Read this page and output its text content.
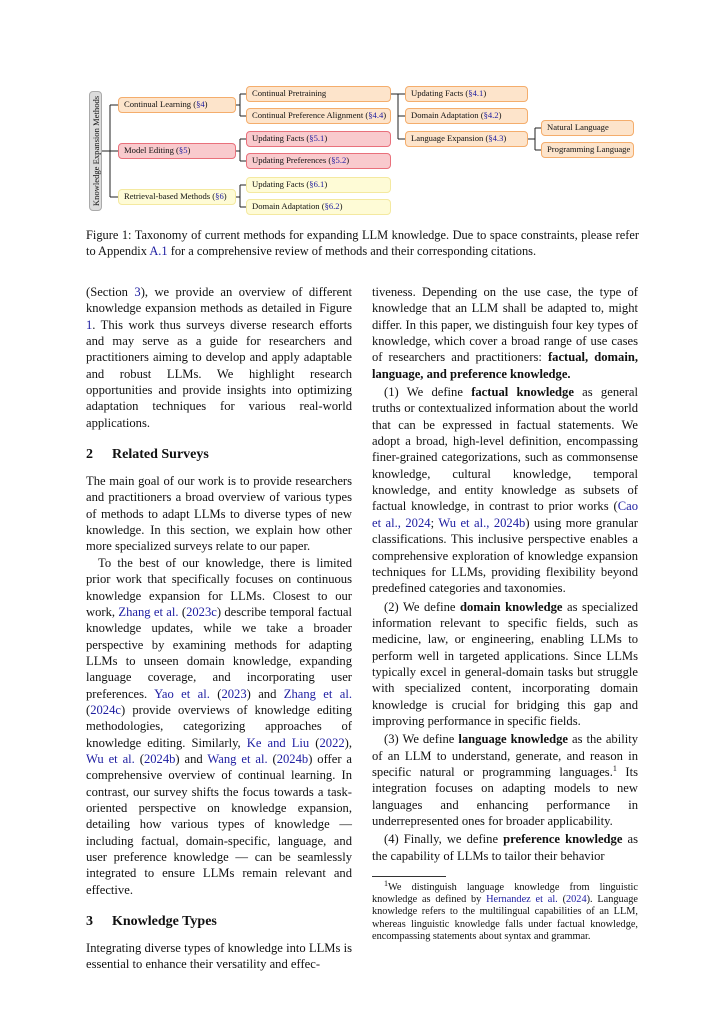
Knowledge Expansion Methods	Continual Learning (§4)
Model Editing (§5)
Retrieval-based Methods (§6)
Continual Pretraining
Continual Preference Alignment (§4.4)
Updating Facts (§5.1)
Updating Preferences (§5.2)
Updating Facts (§6.1)
Domain Adaptation (§6.2)
Updating Facts (§4.1)
Domain Adaptation (§4.2)
Language Expansion (§4.3)
Natural Language
Programming Language
Figure 1: Taxonomy of current methods for expanding LLM knowledge. Due to space constraints, please refer to Appendix A.1 for a comprehensive review of methods and their corresponding citations.

(Section 3), we provide an overview of different knowledge expansion methods as detailed in Figure 1. This work thus surveys diverse research efforts and may serve as a guide for researchers and practitioners aiming to develop and apply adaptable and robust LLMs. We highlight research opportunities and provide insights into optimizing adaptation techniques for various real-world applications.

2 Related Surveys

The main goal of our work is to provide researchers and practitioners a broad overview of various types of methods to adapt LLMs to diverse types of new knowledge. In this section, we explain how other more specialized surveys relate to our paper.

To the best of our knowledge, there is limited prior work that specifically focuses on continuous knowledge expansion for LLMs. Closest to our work, Zhang et al. (2023c) describe temporal factual knowledge updates, while we take a broader perspective by examining methods for adapting LLMs to unseen domain knowledge, expanding language coverage, and incorporating user preferences. Yao et al. (2023) and Zhang et al. (2024c) provide overviews of knowledge editing methodologies, categorizing approaches of knowledge editing. Similarly, Ke and Liu (2022), Wu et al. (2024b) and Wang et al. (2024b) offer a comprehensive overview of continual learning. In contrast, our survey shifts the focus towards a task-oriented perspective on knowledge expansion, detailing how various types of knowledge — including factual, domain-specific, language, and user preference knowledge — can be seamlessly integrated to ensure LLMs remain relevant and effective.

3 Knowledge Types

Integrating diverse types of knowledge into LLMs is essential to enhance their versatility and effec-

tiveness. Depending on the use case, the type of knowledge that an LLM shall be adapted to, might differ. In this paper, we distinguish four key types of knowledge, which cover a broad range of use cases of researchers and practitioners: factual, domain, language, and preference knowledge.

(1) We define factual knowledge as general truths or contextualized information about the world that can be expressed in factual statements. We adopt a broad, high-level definition, encompassing finer-grained categorizations, such as commonsense knowledge, cultural knowledge, temporal knowledge, and entity knowledge as subsets of factual knowledge, in contrast to prior works (Cao et al., 2024; Wu et al., 2024b) using more granular classifications. This inclusive perspective enables a comprehensive exploration of knowledge expansion techniques for LLMs, providing flexibility beyond predefined categories and taxonomies.

(2) We define domain knowledge as specialized information relevant to specific fields, such as medicine, law, or engineering, enabling LLMs to perform well in targeted applications. Since LLMs typically excel in general-domain tasks but struggle with specialized content, incorporating domain knowledge is crucial for bridging this gap and improving performance in specific fields.

(3) We define language knowledge as the ability of an LLM to understand, generate, and reason in specific natural or programming languages.$^1$ Its integration focuses on adapting models to new languages and enhancing performance in underrepresented ones for broader applicability.

(4) Finally, we define preference knowledge as the capability of LLMs to tailor their behavior

$^1$We distinguish language knowledge from linguistic knowledge as defined by Hernandez et al. (2024). Language knowledge refers to the multilingual capabilities of an LLM, whereas linguistic knowledge falls under factual knowledge, encompassing statements about syntax and grammar.
